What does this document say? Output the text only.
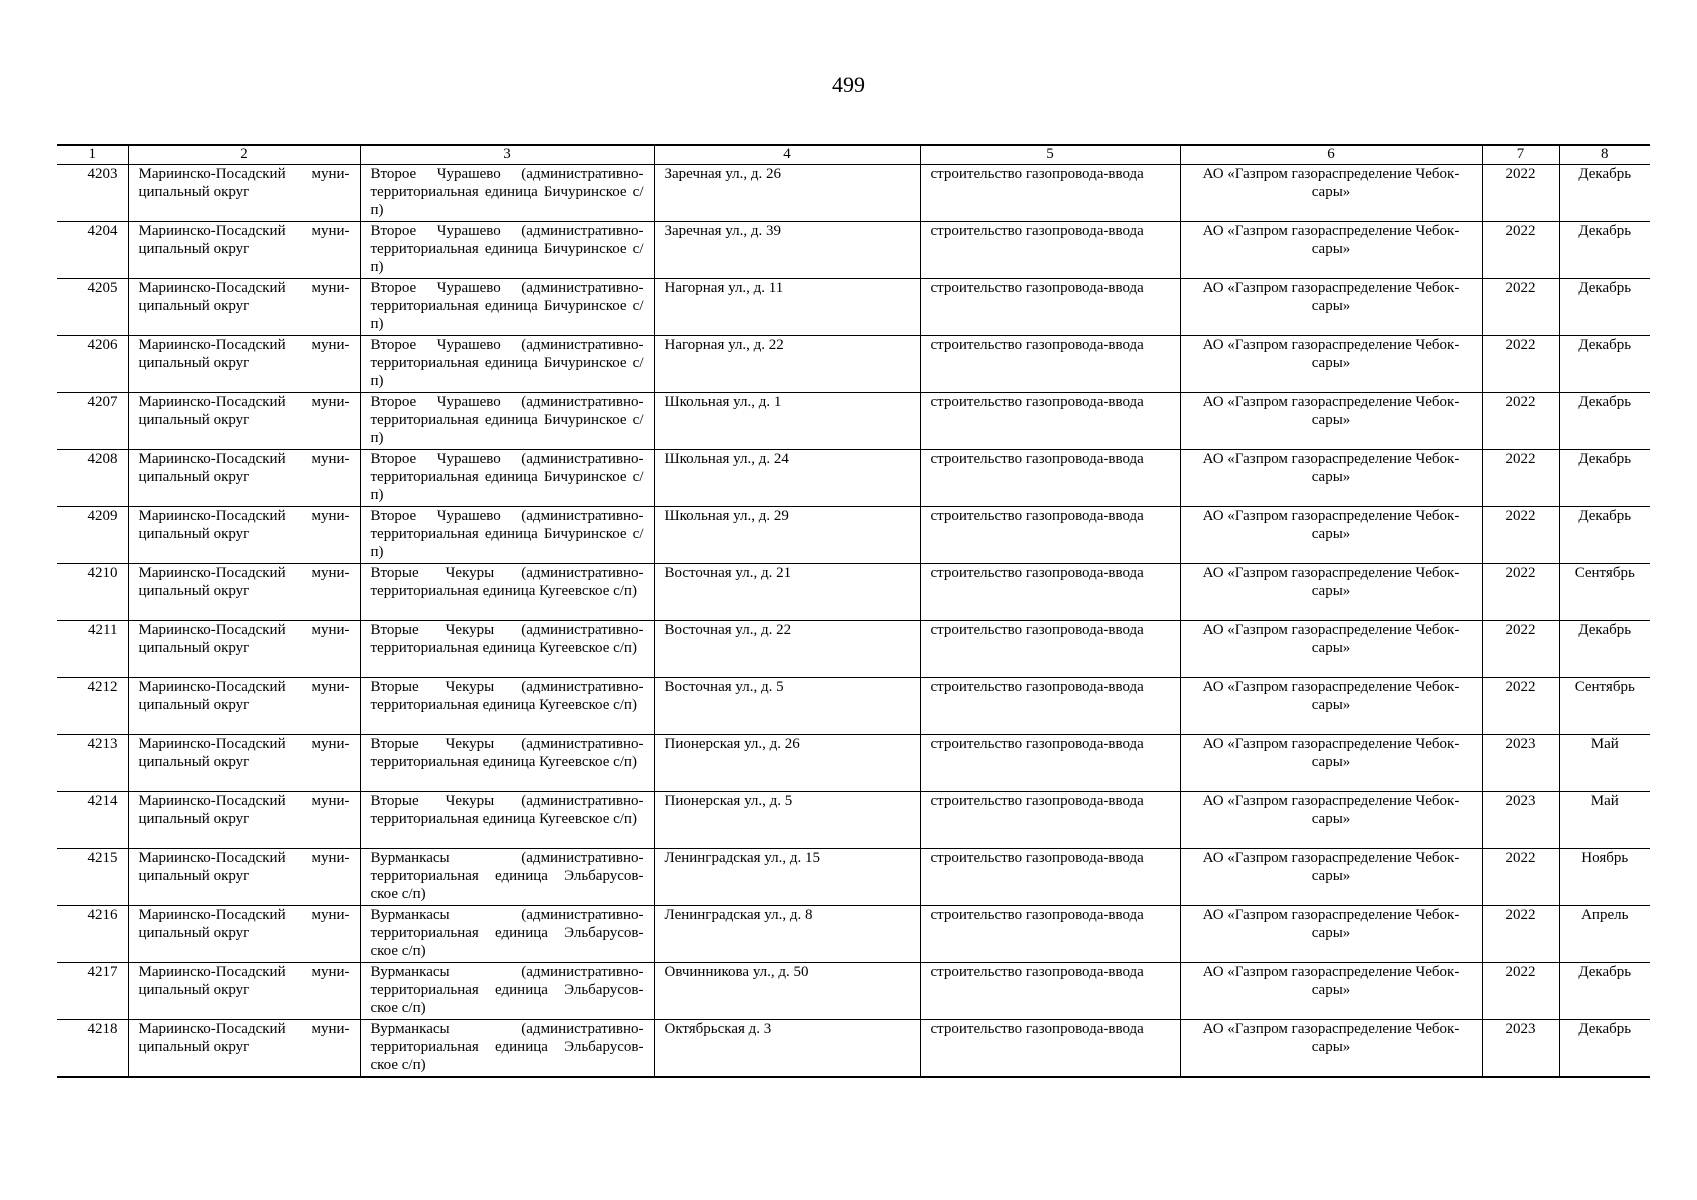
499
1	2	3	4	5	6	7	8
4203	Мариинско-Посадский муни-ципальный округ	Второе Чурашево (административно-территориальная единица Бичуринское с/п)	Заречная ул., д. 26	строительство газопровода-ввода	АО «Газпром газораспределение Чебок-сары»	2022	Декабрь
4204	Мариинско-Посадский муни-ципальный округ	Второе Чурашево (административно-территориальная единица Бичуринское с/п)	Заречная ул., д. 39	строительство газопровода-ввода	АО «Газпром газораспределение Чебок-сары»	2022	Декабрь
4205	Мариинско-Посадский муни-ципальный округ	Второе Чурашево (административно-территориальная единица Бичуринское с/п)	Нагорная ул., д. 11	строительство газопровода-ввода	АО «Газпром газораспределение Чебок-сары»	2022	Декабрь
4206	Мариинско-Посадский муни-ципальный округ	Второе Чурашево (административно-территориальная единица Бичуринское с/п)	Нагорная ул., д. 22	строительство газопровода-ввода	АО «Газпром газораспределение Чебок-сары»	2022	Декабрь
4207	Мариинско-Посадский муни-ципальный округ	Второе Чурашево (административно-территориальная единица Бичуринское с/п)	Школьная ул., д. 1	строительство газопровода-ввода	АО «Газпром газораспределение Чебок-сары»	2022	Декабрь
4208	Мариинско-Посадский муни-ципальный округ	Второе Чурашево (административно-территориальная единица Бичуринское с/п)	Школьная ул., д. 24	строительство газопровода-ввода	АО «Газпром газораспределение Чебок-сары»	2022	Декабрь
4209	Мариинско-Посадский муни-ципальный округ	Второе Чурашево (административно-территориальная единица Бичуринское с/п)	Школьная ул., д. 29	строительство газопровода-ввода	АО «Газпром газораспределение Чебок-сары»	2022	Декабрь
4210	Мариинско-Посадский муни-ципальный округ	Вторые Чекуры (административно-территориальная единица Кугеевское с/п)	Восточная ул., д. 21	строительство газопровода-ввода	АО «Газпром газораспределение Чебок-сары»	2022	Сентябрь
4211	Мариинско-Посадский муни-ципальный округ	Вторые Чекуры (административно-территориальная единица Кугеевское с/п)	Восточная ул., д. 22	строительство газопровода-ввода	АО «Газпром газораспределение Чебок-сары»	2022	Декабрь
4212	Мариинско-Посадский муни-ципальный округ	Вторые Чекуры (административно-территориальная единица Кугеевское с/п)	Восточная ул., д. 5	строительство газопровода-ввода	АО «Газпром газораспределение Чебок-сары»	2022	Сентябрь
4213	Мариинско-Посадский муни-ципальный округ	Вторые Чекуры (административно-территориальная единица Кугеевское с/п)	Пионерская ул., д. 26	строительство газопровода-ввода	АО «Газпром газораспределение Чебок-сары»	2023	Май
4214	Мариинско-Посадский муни-ципальный округ	Вторые Чекуры (административно-территориальная единица Кугеевское с/п)	Пионерская ул., д. 5	строительство газопровода-ввода	АО «Газпром газораспределение Чебок-сары»	2023	Май
4215	Мариинско-Посадский муни-ципальный округ	Вурманкасы (административно-территориальная единица Эльбарусов-ское с/п)	Ленинградская ул., д. 15	строительство газопровода-ввода	АО «Газпром газораспределение Чебок-сары»	2022	Ноябрь
4216	Мариинско-Посадский муни-ципальный округ	Вурманкасы (административно-территориальная единица Эльбарусов-ское с/п)	Ленинградская ул., д. 8	строительство газопровода-ввода	АО «Газпром газораспределение Чебок-сары»	2022	Апрель
4217	Мариинско-Посадский муни-ципальный округ	Вурманкасы (административно-территориальная единица Эльбарусов-ское с/п)	Овчинникова ул., д. 50	строительство газопровода-ввода	АО «Газпром газораспределение Чебок-сары»	2022	Декабрь
4218	Мариинско-Посадский муни-ципальный округ	Вурманкасы (административно-территориальная единица Эльбарусов-ское с/п)	Октябрьская д. 3	строительство газопровода-ввода	АО «Газпром газораспределение Чебок-сары»	2023	Декабрь
